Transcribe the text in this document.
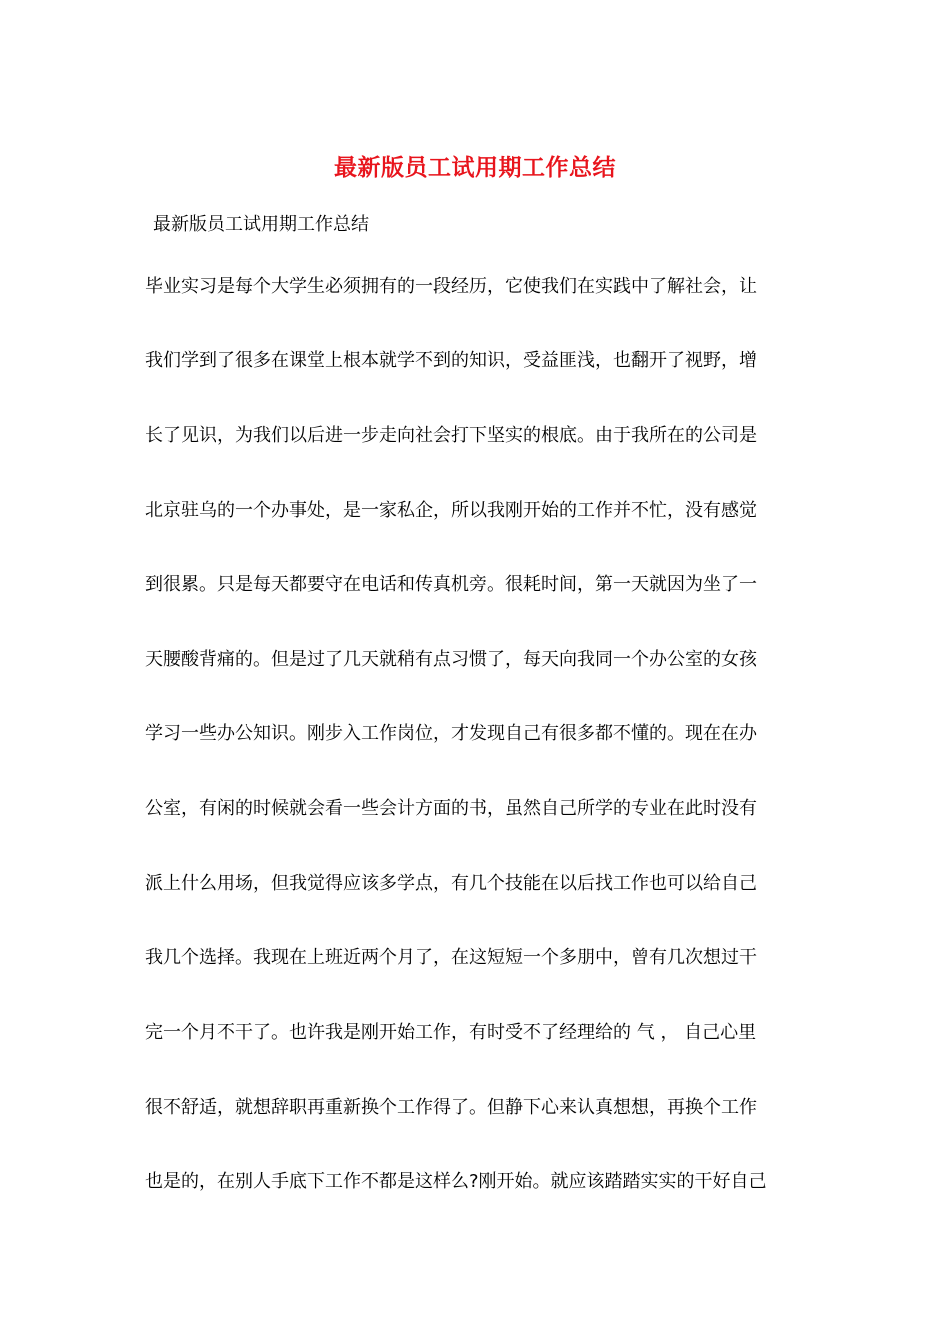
最新版员工试用期工作总结
最新版员工试用期工作总结
毕业实习是每个大学生必须拥有的一段经历，它使我们在实践中了解社会，让
我们学到了很多在课堂上根本就学不到的知识，受益匪浅，也翻开了视野，增
长了见识，为我们以后进一步走向社会打下坚实的根底。由于我所在的公司是
北京驻乌的一个办事处，是一家私企，所以我刚开始的工作并不忙，没有感觉
到很累。只是每天都要守在电话和传真机旁。很耗时间，第一天就因为坐了一
天腰酸背痛的。但是过了几天就稍有点习惯了，每天向我同一个办公室的女孩
学习一些办公知识。刚步入工作岗位，才发现自己有很多都不懂的。现在在办
公室，有闲的时候就会看一些会计方面的书，虽然自己所学的专业在此时没有
派上什么用场，但我觉得应该多学点，有几个技能在以后找工作也可以给自己
我几个选择。我现在上班近两个月了，在这短短一个多朋中，曾有几次想过干
完一个月不干了。也许我是刚开始工作，有时受不了经理给的 气 ， 自己心里
很不舒适，就想辞职再重新换个工作得了。但静下心来认真想想，再换个工作
也是的，在别人手底下工作不都是这样么?刚开始。就应该踏踏实实的干好自己
